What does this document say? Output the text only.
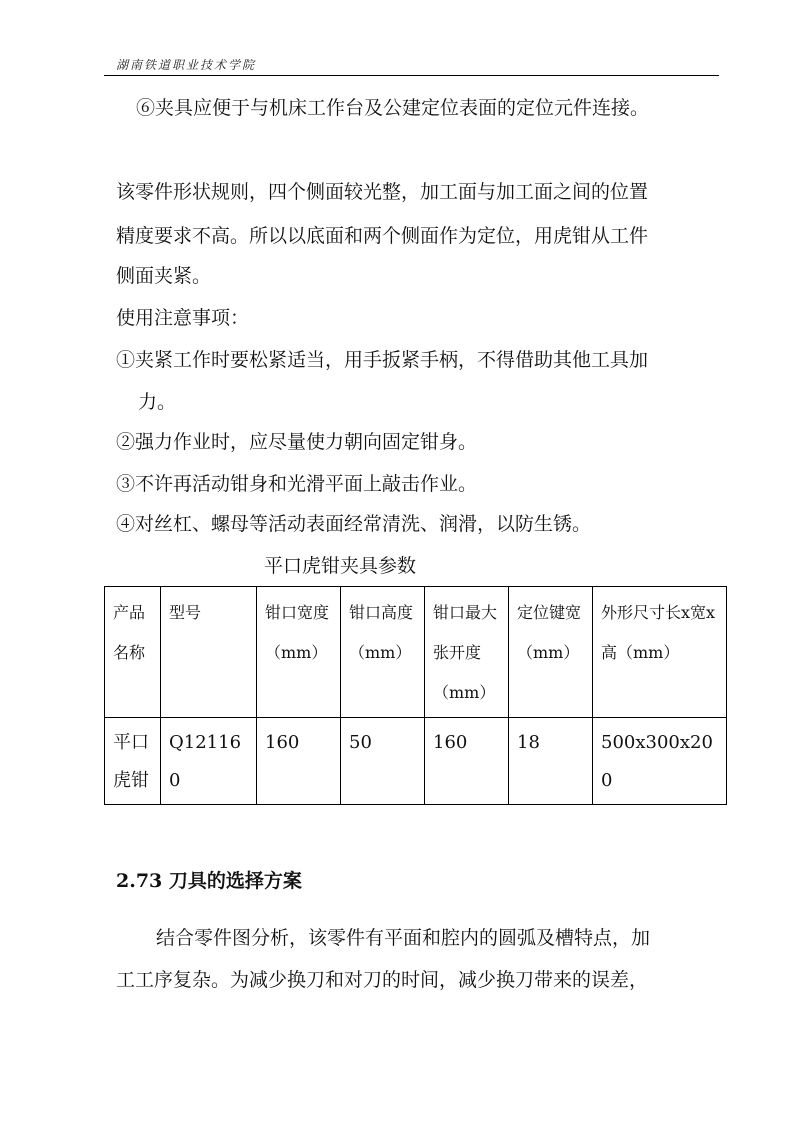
湖南铁道职业技术学院
⑥夹具应便于与机床工作台及公建定位表面的定位元件连接。
该零件形状规则，四个侧面较光整，加工面与加工面之间的位置
精度要求不高。所以以底面和两个侧面作为定位，用虎钳从工件
侧面夹紧。
使用注意事项：
①夹紧工作时要松紧适当，用手扳紧手柄，不得借助其他工具加
力。
②强力作业时，应尽量使力朝向固定钳身。
③不许再活动钳身和光滑平面上敲击作业。
④对丝杠、螺母等活动表面经常清洗、润滑，以防生锈。
平口虎钳夹具参数
产品名称	型号	钳口宽度（mm）	钳口高度（mm）	钳口最大张开度（mm）	定位键宽（mm）	外形尺寸长x宽x高（mm）
平口虎钳	Q121160	160	50	160	18	500x300x200
2.73 刀具的选择方案
结合零件图分析，该零件有平面和腔内的圆弧及槽特点，加
工工序复杂。为减少换刀和对刀的时间，减少换刀带来的误差，
